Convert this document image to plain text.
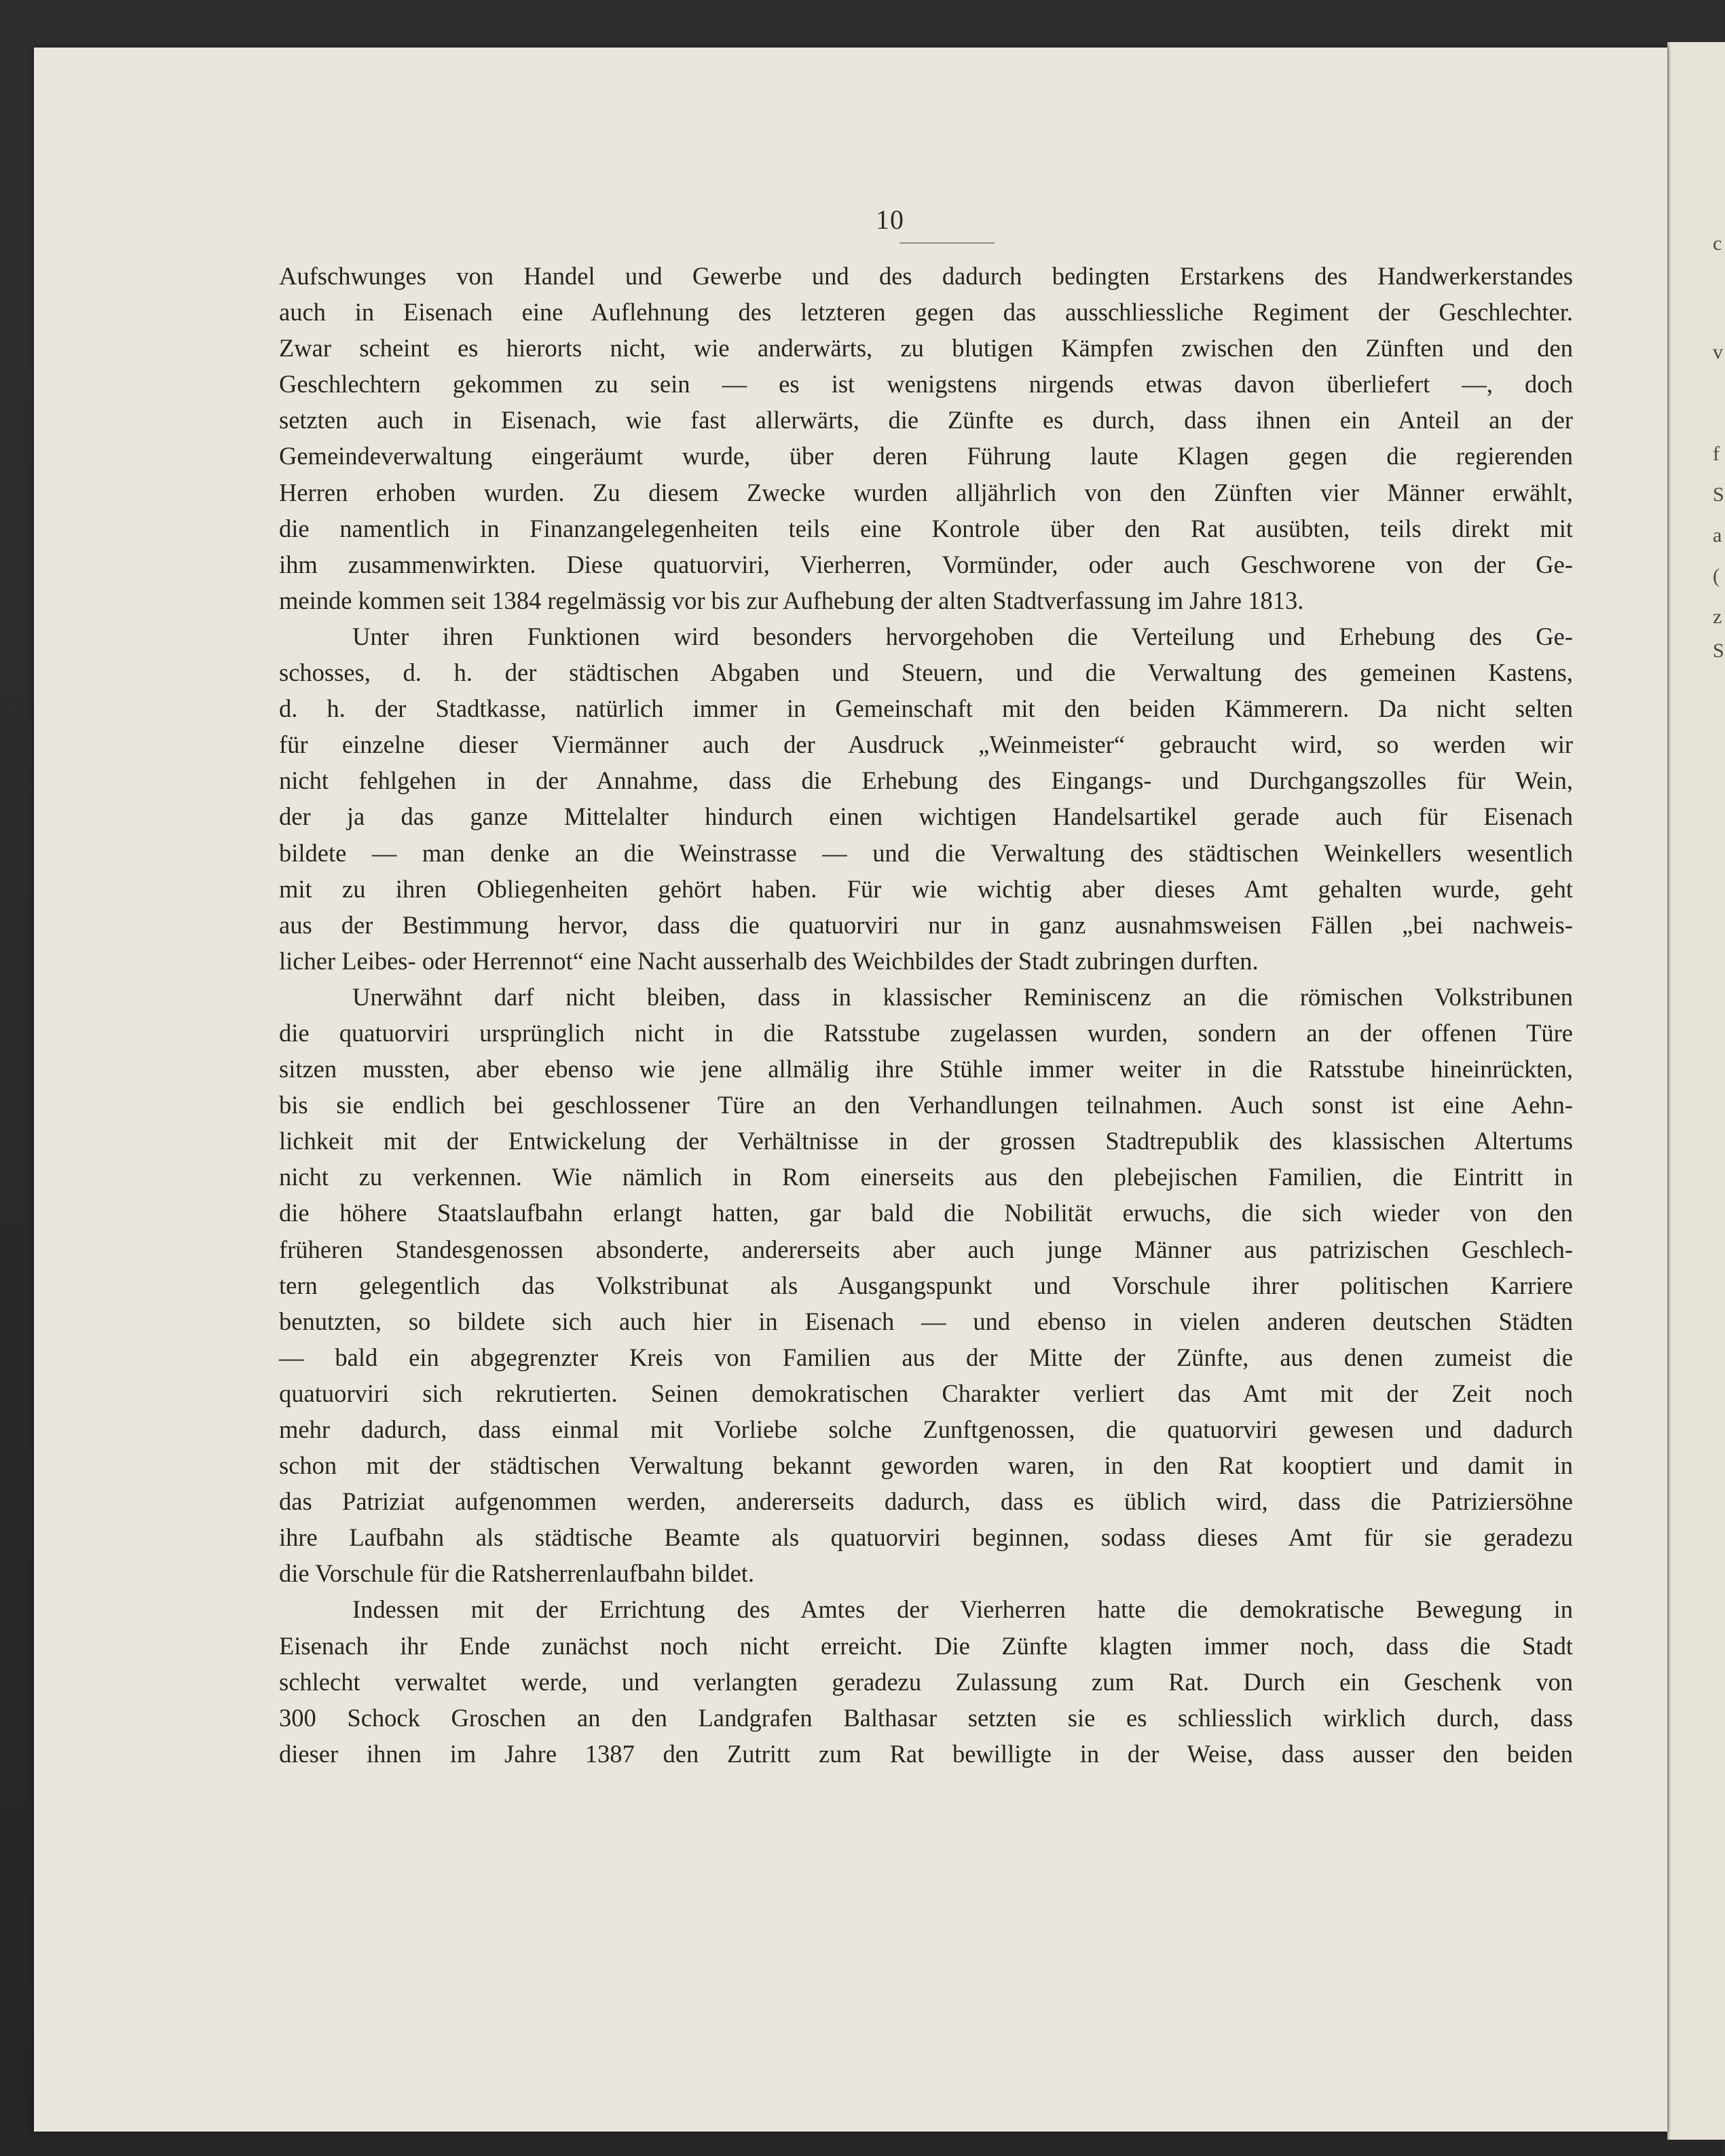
c
v
f
S
a
(
z
S
10
Aufschwunges von Handel und Gewerbe und des dadurch bedingten Erstarkens des Handwerkerstandes
auch in Eisenach eine Auflehnung des letzteren gegen das ausschliessliche Regiment der Geschlechter.
Zwar scheint es hierorts nicht, wie anderwärts, zu blutigen Kämpfen zwischen den Zünften und den
Geschlechtern gekommen zu sein — es ist wenigstens nirgends etwas davon überliefert —, doch
setzten auch in Eisenach, wie fast allerwärts, die Zünfte es durch, dass ihnen ein Anteil an der
Gemeindeverwaltung eingeräumt wurde, über deren Führung laute Klagen gegen die regierenden
Herren erhoben wurden. Zu diesem Zwecke wurden alljährlich von den Zünften vier Männer erwählt,
die namentlich in Finanzangelegenheiten teils eine Kontrole über den Rat ausübten, teils direkt mit
ihm zusammenwirkten. Diese quatuorviri, Vierherren, Vormünder, oder auch Geschworene von der Ge-
meinde kommen seit 1384 regelmässig vor bis zur Aufhebung der alten Stadtverfassung im Jahre 1813.
Unter ihren Funktionen wird besonders hervorgehoben die Verteilung und Erhebung des Ge-
schosses, d. h. der städtischen Abgaben und Steuern, und die Verwaltung des gemeinen Kastens,
d. h. der Stadtkasse, natürlich immer in Gemeinschaft mit den beiden Kämmerern. Da nicht selten
für einzelne dieser Viermänner auch der Ausdruck „Weinmeister“ gebraucht wird, so werden wir
nicht fehlgehen in der Annahme, dass die Erhebung des Eingangs- und Durchgangszolles für Wein,
der ja das ganze Mittelalter hindurch einen wichtigen Handelsartikel gerade auch für Eisenach
bildete — man denke an die Weinstrasse — und die Verwaltung des städtischen Weinkellers wesentlich
mit zu ihren Obliegenheiten gehört haben. Für wie wichtig aber dieses Amt gehalten wurde, geht
aus der Bestimmung hervor, dass die quatuorviri nur in ganz ausnahmsweisen Fällen „bei nachweis-
licher Leibes- oder Herrennot“ eine Nacht ausserhalb des Weichbildes der Stadt zubringen durften.
Unerwähnt darf nicht bleiben, dass in klassischer Reminiscenz an die römischen Volkstribunen
die quatuorviri ursprünglich nicht in die Ratsstube zugelassen wurden, sondern an der offenen Türe
sitzen mussten, aber ebenso wie jene allmälig ihre Stühle immer weiter in die Ratsstube hineinrückten,
bis sie endlich bei geschlossener Türe an den Verhandlungen teilnahmen. Auch sonst ist eine Aehn-
lichkeit mit der Entwickelung der Verhältnisse in der grossen Stadtrepublik des klassischen Altertums
nicht zu verkennen. Wie nämlich in Rom einerseits aus den plebejischen Familien, die Eintritt in
die höhere Staatslaufbahn erlangt hatten, gar bald die Nobilität erwuchs, die sich wieder von den
früheren Standesgenossen absonderte, andererseits aber auch junge Männer aus patrizischen Geschlech-
tern gelegentlich das Volkstribunat als Ausgangspunkt und Vorschule ihrer politischen Karriere
benutzten, so bildete sich auch hier in Eisenach — und ebenso in vielen anderen deutschen Städten
— bald ein abgegrenzter Kreis von Familien aus der Mitte der Zünfte, aus denen zumeist die
quatuorviri sich rekrutierten. Seinen demokratischen Charakter verliert das Amt mit der Zeit noch
mehr dadurch, dass einmal mit Vorliebe solche Zunftgenossen, die quatuorviri gewesen und dadurch
schon mit der städtischen Verwaltung bekannt geworden waren, in den Rat kooptiert und damit in
das Patriziat aufgenommen werden, andererseits dadurch, dass es üblich wird, dass die Patriziersöhne
ihre Laufbahn als städtische Beamte als quatuorviri beginnen, sodass dieses Amt für sie geradezu
die Vorschule für die Ratsherrenlaufbahn bildet.
Indessen mit der Errichtung des Amtes der Vierherren hatte die demokratische Bewegung in
Eisenach ihr Ende zunächst noch nicht erreicht. Die Zünfte klagten immer noch, dass die Stadt
schlecht verwaltet werde, und verlangten geradezu Zulassung zum Rat. Durch ein Geschenk von
300 Schock Groschen an den Landgrafen Balthasar setzten sie es schliesslich wirklich durch, dass
dieser ihnen im Jahre 1387 den Zutritt zum Rat bewilligte in der Weise, dass ausser den beiden
